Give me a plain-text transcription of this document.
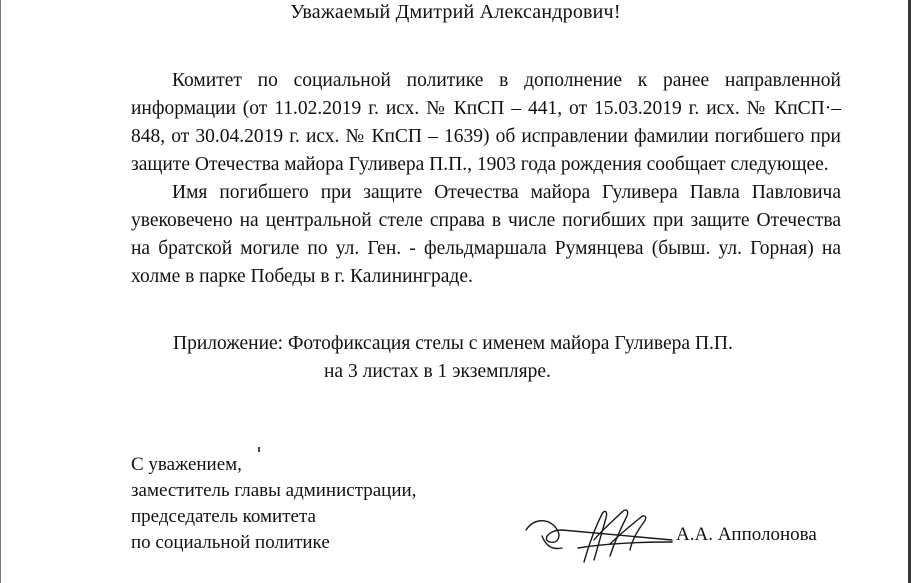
Уважаемый Дмитрий Александрович!

Комитет по социальной политике в дополнение к ранее направленной информации (от 11.02.2019 г. исх. № КпСП – 441, от 15.03.2019 г. исх. № КпСП·– 848, от 30.04.2019 г. исх. № КпСП – 1639) об исправлении фамилии погибшего при защите Отечества майора Гуливера П.П., 1903 года рождения сообщает следующее.

Имя погибшего при защите Отечества майора Гуливера Павла Павловича увековечено на центральной стеле справа в числе погибших при защите Отечества на братской могиле по ул. Ген. - фельдмаршала Румянцева (бывш. ул. Горная) на холме в парке Победы в г. Калининграде.

Приложение: Фотофиксация стелы с именем майора Гуливера П.П.
на 3 листах в 1 экземпляре.
С уважением,
заместитель главы администрации,
председатель комитета
по социальной политике	А.А. Апполонова
